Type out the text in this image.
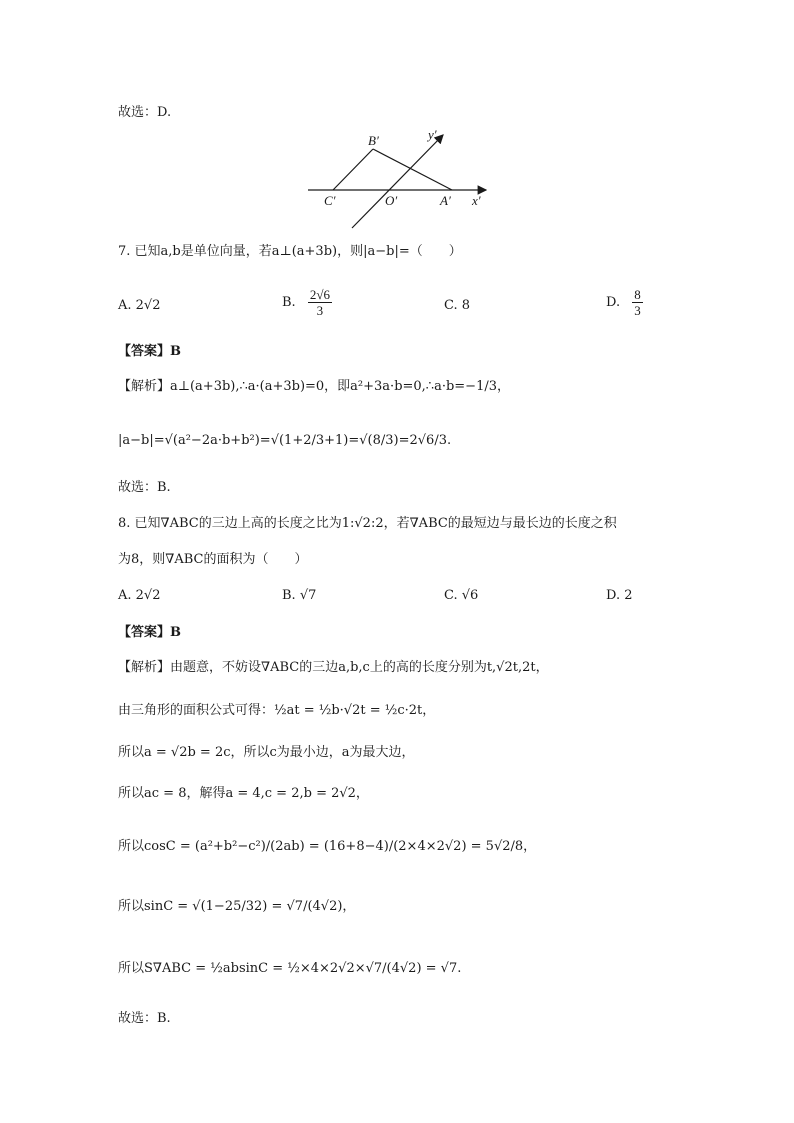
故选：D.
B′
C′	O′	A′ x′
y′
7. 已知a,b是单位向量，若a⊥(a+3b)，则|a−b|=（　　）
A. 2√2	B. $\frac{2√6}{3}$	C. 8	D. $\frac{8}{3}$
【答案】B
【解析】a⊥(a+3b),∴a·(a+3b)=0，即a²+3a·b=0,∴a·b=−1/3，
|a−b|=√(a²−2a·b+b²)=√(1+2/3+1)=√(8/3)=2√6/3.
故选：B.
8. 已知∇ABC的三边上高的长度之比为1:√2:2，若∇ABC的最短边与最长边的长度之积
为8，则∇ABC的面积为（　　）
A. 2√2	B. √7	C. √6	D. 2
【答案】B
【解析】由题意，不妨设∇ABC的三边a,b,c上的高的长度分别为t,√2t,2t，
由三角形的面积公式可得：½at = ½b·√2t = ½c·2t，
所以a = √2b = 2c，所以c为最小边，a为最大边，
所以ac = 8，解得a = 4,c = 2,b = 2√2，
所以cosC = (a²+b²−c²)/(2ab) = (16+8−4)/(2×4×2√2) = 5√2/8，
所以sinC = √(1−25/32) = √7/(4√2)，
所以S∇ABC = ½absinC = ½×4×2√2×√7/(4√2) = √7.
故选：B.
